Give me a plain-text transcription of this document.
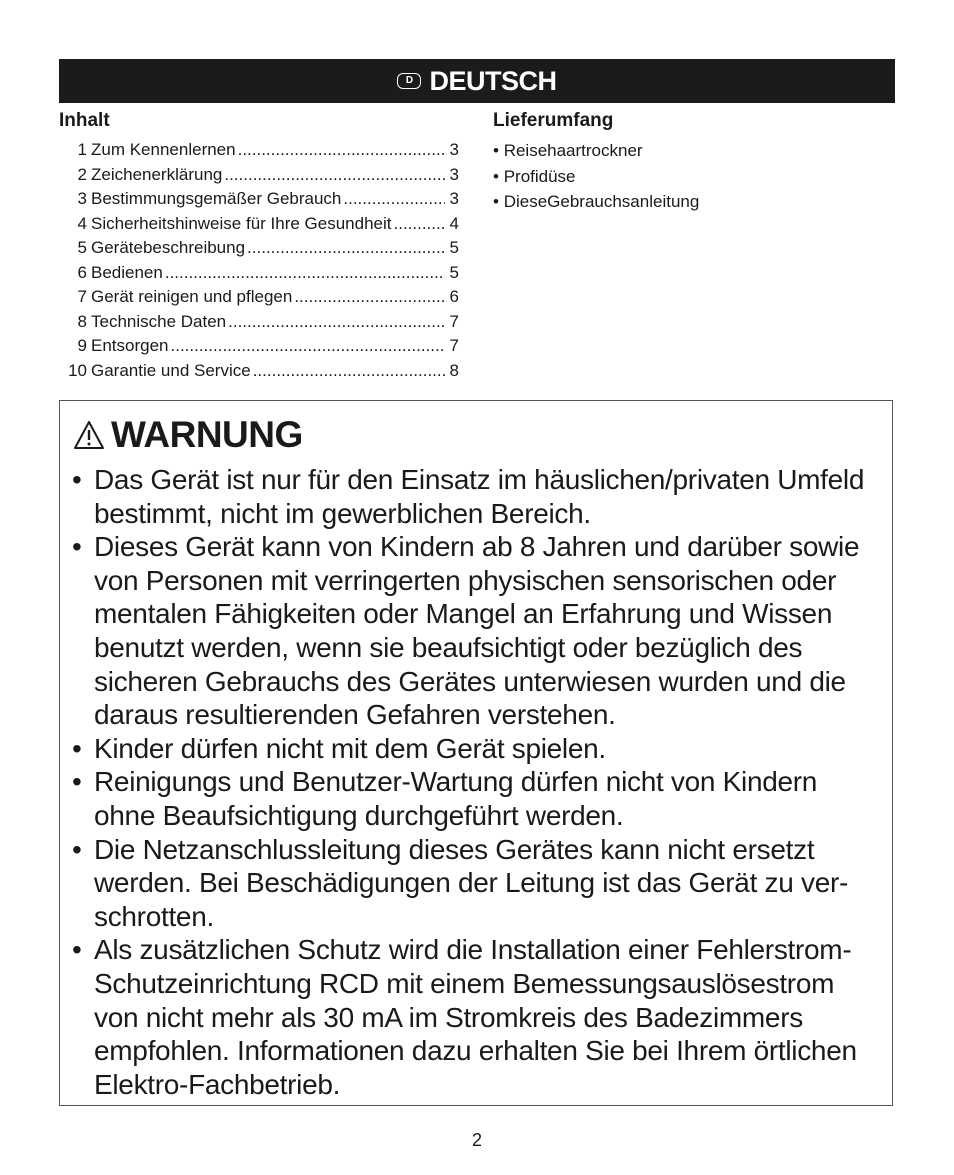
D DEUTSCH
Inhalt
1 Zum Kennenlernen .....	3
2 Zeichenerklärung .....	3
3 Bestimmungsgemäßer Gebrauch .....	3
4 Sicherheitshinweise für Ihre Gesundheit .....	4
5 Gerätebeschreibung .....	5
6 Bedienen .....	5
7 Gerät reinigen und pflegen .....	6
8 Technische Daten .....	7
9 Entsorgen .....	7
10 Garantie und Service .....	8
Lieferumfang
• Reisehaartrockner
• Profidüse
• DieseGebrauchsanleitung
WARNUNG
• Das Gerät ist nur für den Einsatz im häuslichen/privaten Umfeld bestimmt, nicht im gewerblichen Bereich.
• Dieses Gerät kann von Kindern ab 8 Jahren und darüber sowie von Personen mit verringerten physischen sensorischen oder mentalen Fähigkeiten oder Mangel an Erfahrung und Wissen benutzt werden, wenn sie beaufsichtigt oder bezüglich des sicheren Gebrauchs des Gerätes unterwiesen wurden und die daraus resultierenden Gefahren verstehen.
• Kinder dürfen nicht mit dem Gerät spielen.
• Reinigungs und Benutzer-Wartung dürfen nicht von Kindern ohne Beaufsichtigung durchgeführt werden.
• Die Netzanschlussleitung dieses Gerätes kann nicht ersetzt werden. Bei Beschädigungen der Leitung ist das Gerät zu ver-schrotten.
• Als zusätzlichen Schutz wird die Installation einer Fehlerstrom-Schutzeinrichtung RCD mit einem Bemessungsauslösestrom von nicht mehr als 30 mA im Stromkreis des Badezimmers empfohlen. Informationen dazu erhalten Sie bei Ihrem örtlichen Elektro-Fachbetrieb.
2
